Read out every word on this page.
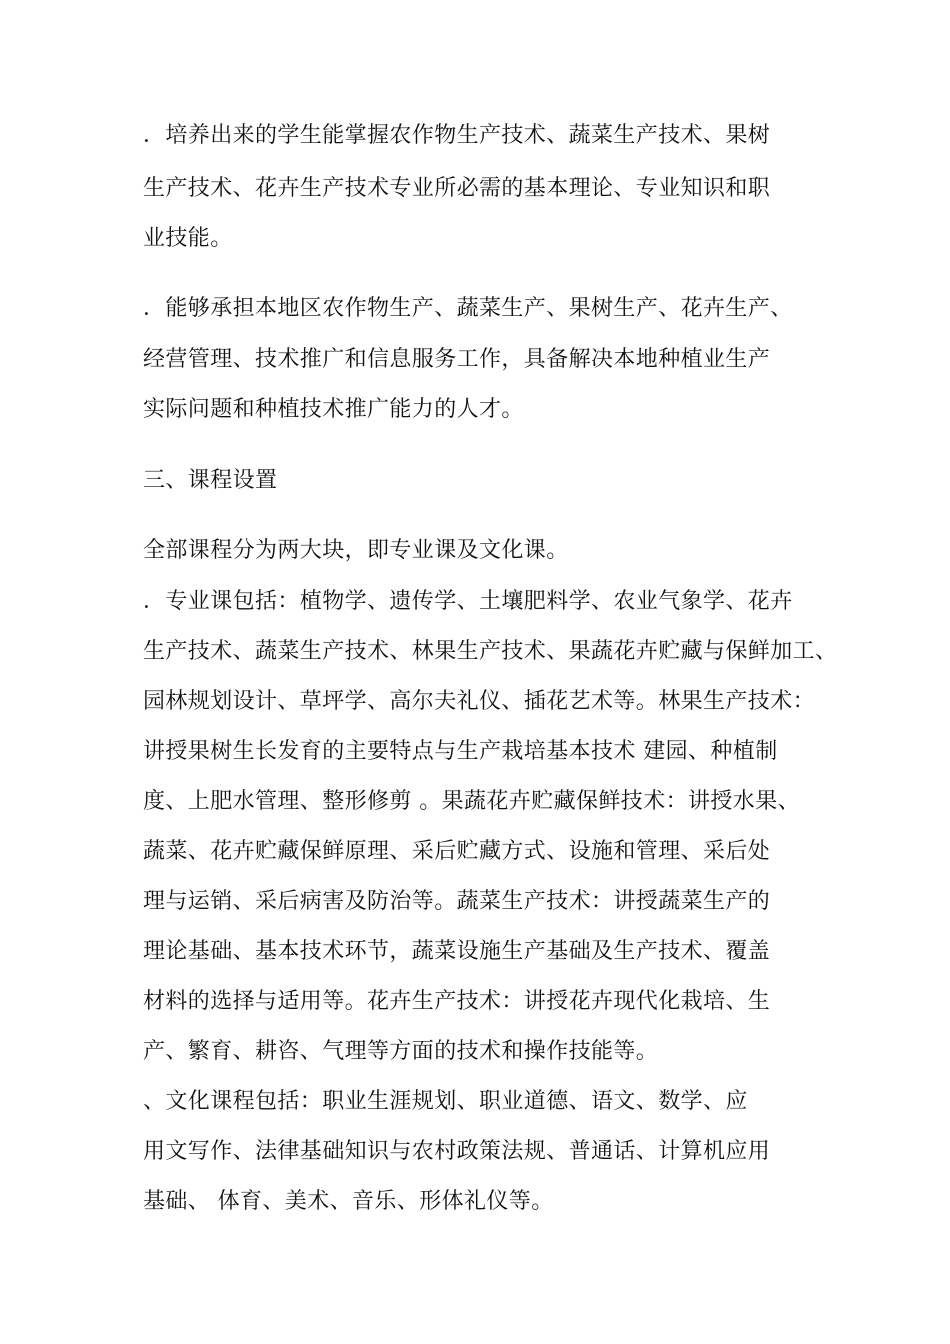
．培养出来的学生能掌握农作物生产技术、蔬菜生产技术、果树
生产技术、花卉生产技术专业所必需的基本理论、专业知识和职
业技能。
．能够承担本地区农作物生产、蔬菜生产、果树生产、花卉生产、
经营管理、技术推广和信息服务工作，具备解决本地种植业生产
实际问题和种植技术推广能力的人才。
三、课程设置
全部课程分为两大块，即专业课及文化课。
．专业课包括：植物学、遗传学、土壤肥料学、农业气象学、花卉
生产技术、蔬菜生产技术、林果生产技术、果蔬花卉贮藏与保鲜加工、
园林规划设计、草坪学、高尔夫礼仪、插花艺术等。林果生产技术：
讲授果树生长发育的主要特点与生产栽培基本技术 建园、种植制
度、上肥水管理、整形修剪 。果蔬花卉贮藏保鲜技术：讲授水果、
蔬菜、花卉贮藏保鲜原理、采后贮藏方式、设施和管理、采后处
理与运销、采后病害及防治等。蔬菜生产技术：讲授蔬菜生产的
理论基础、基本技术环节，蔬菜设施生产基础及生产技术、覆盖
材料的选择与适用等。花卉生产技术：讲授花卉现代化栽培、生
产、繁育、耕咨、气理等方面的技术和操作技能等。
、文化课程包括：职业生涯规划、职业道德、语文、数学、应
用文写作、法律基础知识与农村政策法规、普通话、计算机应用
基础、 体育、美术、音乐、形体礼仪等。
